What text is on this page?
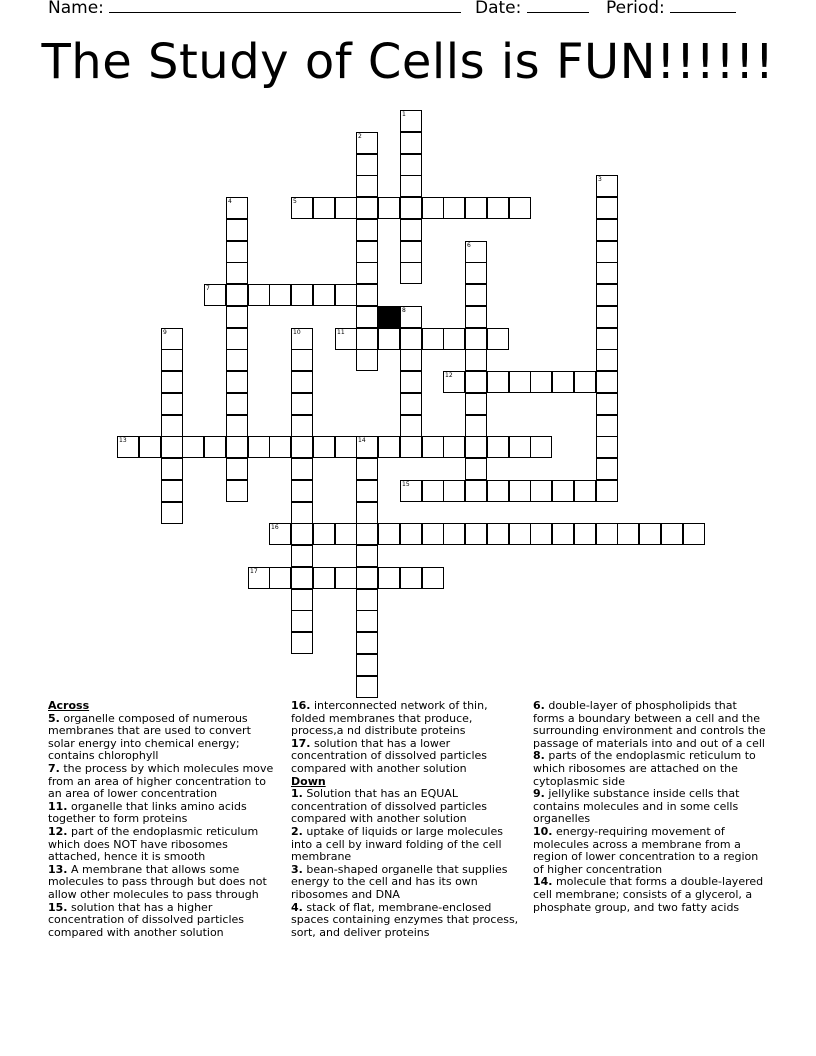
Name:	Date:	Period:
The Study of Cells is FUN!!!!!!
5
7
11
12
13	14
15
16
17
1
2
3
4
6
8
9	10
Across
5. organelle composed of numerous membranes that are used to convert solar energy into chemical energy; contains chlorophyll
7. the process by which molecules move from an area of higher concentration to an area of lower concentration
11. organelle that links amino acids together to form proteins
12. part of the endoplasmic reticulum which does NOT have ribosomes attached, hence it is smooth
13. A membrane that allows some molecules to pass through but does not allow other molecules to pass through
15. solution that has a higher concentration of dissolved particles compared with another solution
16. interconnected network of thin, folded membranes that produce, process,a nd distribute proteins
17. solution that has a lower concentration of dissolved particles compared with another solution
Down
1. Solution that has an EQUAL concentration of dissolved particles compared with another solution
2. uptake of liquids or large molecules into a cell by inward folding of the cell membrane
3. bean-shaped organelle that supplies energy to the cell and has its own ribosomes and DNA
4. stack of flat, membrane-enclosed spaces containing enzymes that process, sort, and deliver proteins
6. double-layer of phospholipids that forms a boundary between a cell and the surrounding environment and controls the passage of materials into and out of a cell
8. parts of the endoplasmic reticulum to which ribosomes are attached on the cytoplasmic side
9. jellylike substance inside cells that contains molecules and in some cells organelles
10. energy-requiring movement of molecules across a membrane from a region of lower concentration to a region of higher concentration
14. molecule that forms a double-layered cell membrane; consists of a glycerol, a phosphate group, and two fatty acids
